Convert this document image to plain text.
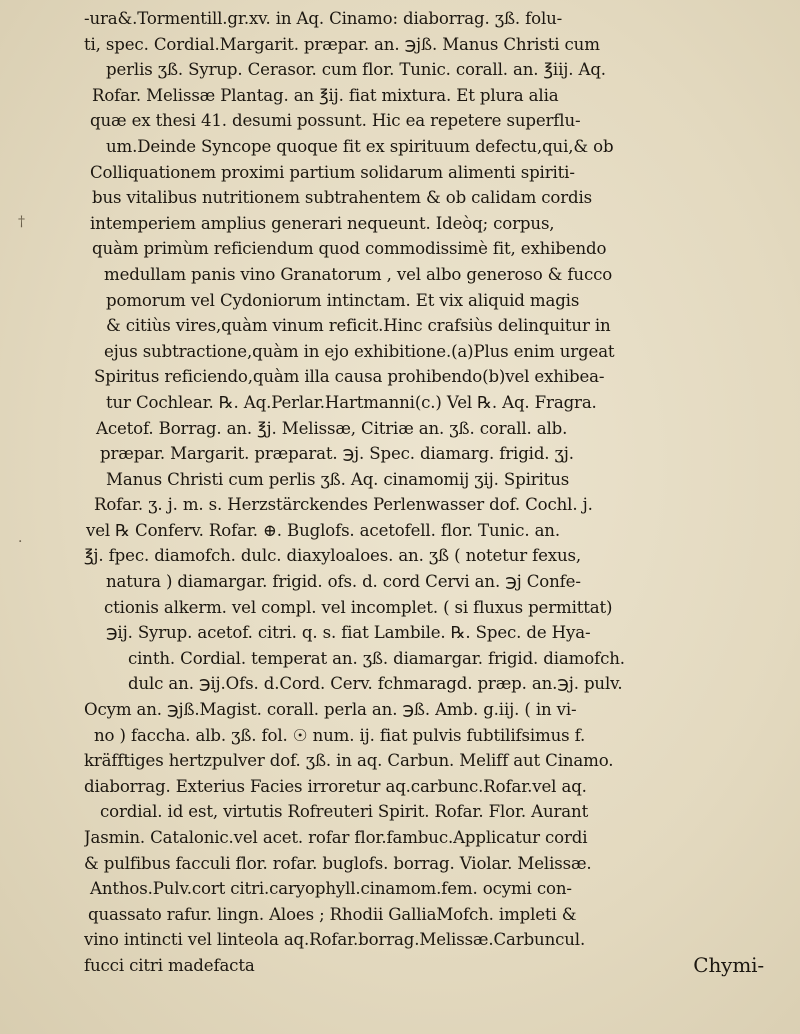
†
·
-ura&.Tormentill.gr.xv. in Aq. Cinamo: diaborrag. ʒß. folu-
ti, spec. Cordial.Margarit. præpar. an. ℈jß. Manus Christi cum
perlis ʒß. Syrup. Cerasor. cum flor. Tunic. corall. an. ℥iij. Aq.
Rofar. Melissæ Plantag. an ℥ij. fiat mixtura. Et plura alia
quæ ex thesi 41. desumi possunt. Hic ea repetere superflu-
um.Deinde Syncope quoque fit ex spirituum defectu,qui,& ob
Colliquationem proximi partium solidarum alimenti spiriti-
bus vitalibus nutritionem subtrahentem & ob calidam cordis
intemperiem amplius generari nequeunt. Ideòq; corpus,
quàm primùm reficiendum quod commodissimè fit, exhibendo
medullam panis vino Granatorum , vel albo generoso & fucco
pomorum vel Cydoniorum intinctam. Et vix aliquid magis
& citiùs vires,quàm vinum reficit.Hinc crafsiùs delinquitur in
ejus subtractione,quàm in ejo exhibitione.(a)Plus enim urgeat
Spiritus reficiendo,quàm illa causa prohibendo(b)vel exhibea-
tur Cochlear. ℞. Aq.Perlar.Hartmanni(c.) Vel ℞. Aq. Fragra.
Acetof. Borrag. an. ℥j. Melissæ, Citriæ an. ʒß. corall. alb.
præpar. Margarit. præparat. ℈j. Spec. diamarg. frigid. ʒj.
Manus Christi cum perlis ʒß. Aq. cinamomij ʒij. Spiritus
Rofar. ʒ. j. m. s. Herzstärckendes Perlenwasser dof. Cochl. j.
vel ℞ Conferv. Rofar. ⊕. Buglofs. acetofell. flor. Tunic. an.
℥j. fpec. diamofch. dulc. diaxyloaloes. an. ʒß ( notetur fexus,
natura ) diamargar. frigid. ofs. d. cord Cervi an. ℈j Confe-
ctionis alkerm. vel compl. vel incomplet. ( si fluxus permittat)
℈ij. Syrup. acetof. citri. q. s. fiat Lambile. ℞. Spec. de Hya-
cinth. Cordial. temperat an. ʒß. diamargar. frigid. diamofch.
dulc an. ℈ij.Ofs. d.Cord. Cerv. fchmaragd. præp. an.℈j. pulv.
Ocym an. ℈jß.Magist. corall. perla an. ℈ß. Amb. g.iij. ( in vi-
no ) faccha. alb. ʒß. fol. ☉ num. ij. fiat pulvis fubtilifsimus f.
kräfftiges hertzpulver dof. ʒß. in aq. Carbun. Meliff aut Cinamo.
diaborrag. Exterius Facies irroretur aq.carbunc.Rofar.vel aq.
cordial. id est, virtutis Rofreuteri Spirit. Rofar. Flor. Aurant
Jasmin. Catalonic.vel acet. rofar flor.fambuc.Applicatur cordi
& pulfibus facculi flor. rofar. buglofs. borrag. Violar. Melissæ.
Anthos.Pulv.cort citri.caryophyll.cinamom.fem. ocymi con-
quassato rafur. lingn. Aloes ; Rhodii GalliaMofch. impleti &
vino intincti vel linteola aq.Rofar.borrag.Melissæ.Carbuncul.
fucci citri madefacta	Chymi-
